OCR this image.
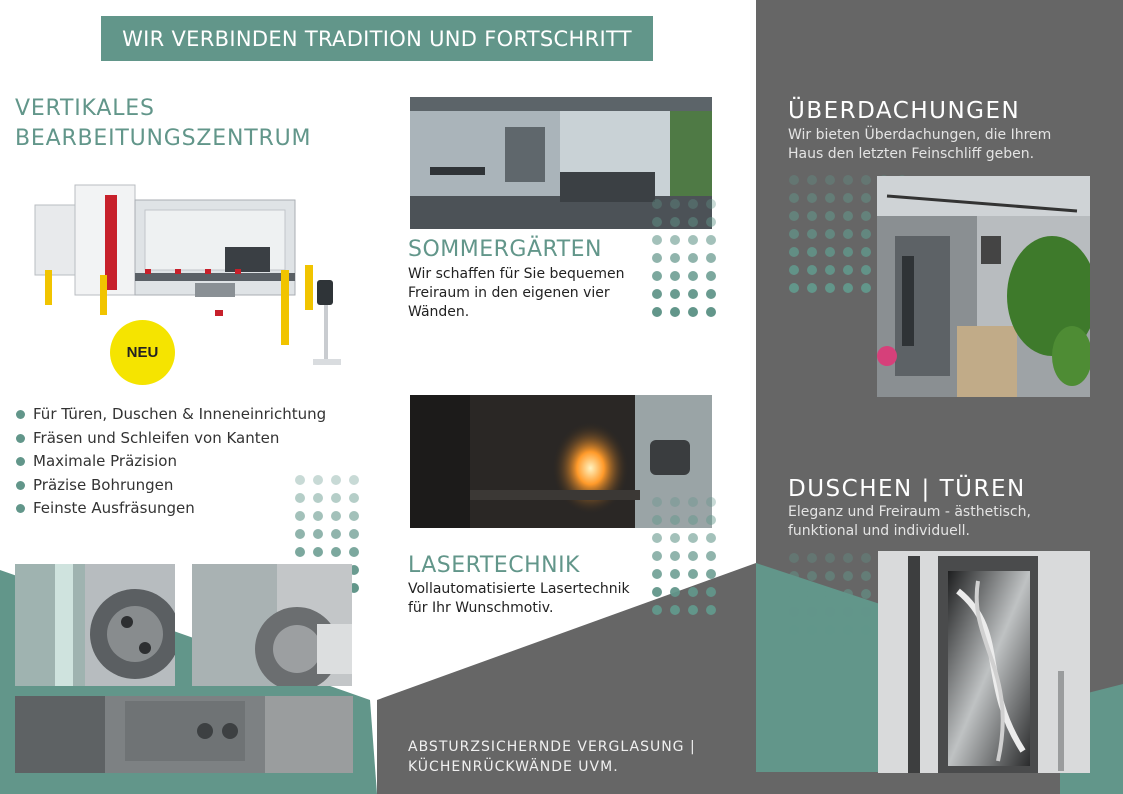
WIR VERBINDEN TRADITION UND FORTSCHRITT
VERTIKALES
BEARBEITUNGSZENTRUM
NEU
Für Türen, Duschen & Inneneinrichtung
Fräsen und Schleifen von Kanten
Maximale Präzision
Präzise Bohrungen
Feinste Ausfräsungen
SOMMERGÄRTEN
Wir schaffen für Sie bequemen
Freiraum in den eigenen vier
Wänden.
LASERTECHNIK
Vollautomatisierte Lasertechnik
für Ihr Wunschmotiv.
ABSTURZSICHERNDE VERGLASUNG |
KÜCHENRÜCKWÄNDE UVM.
ÜBERDACHUNGEN
Wir bieten Überdachungen, die Ihrem
Haus den letzten Feinschliff geben.
DUSCHEN | TÜREN
Eleganz und Freiraum - ästhetisch,
funktional und individuell.
